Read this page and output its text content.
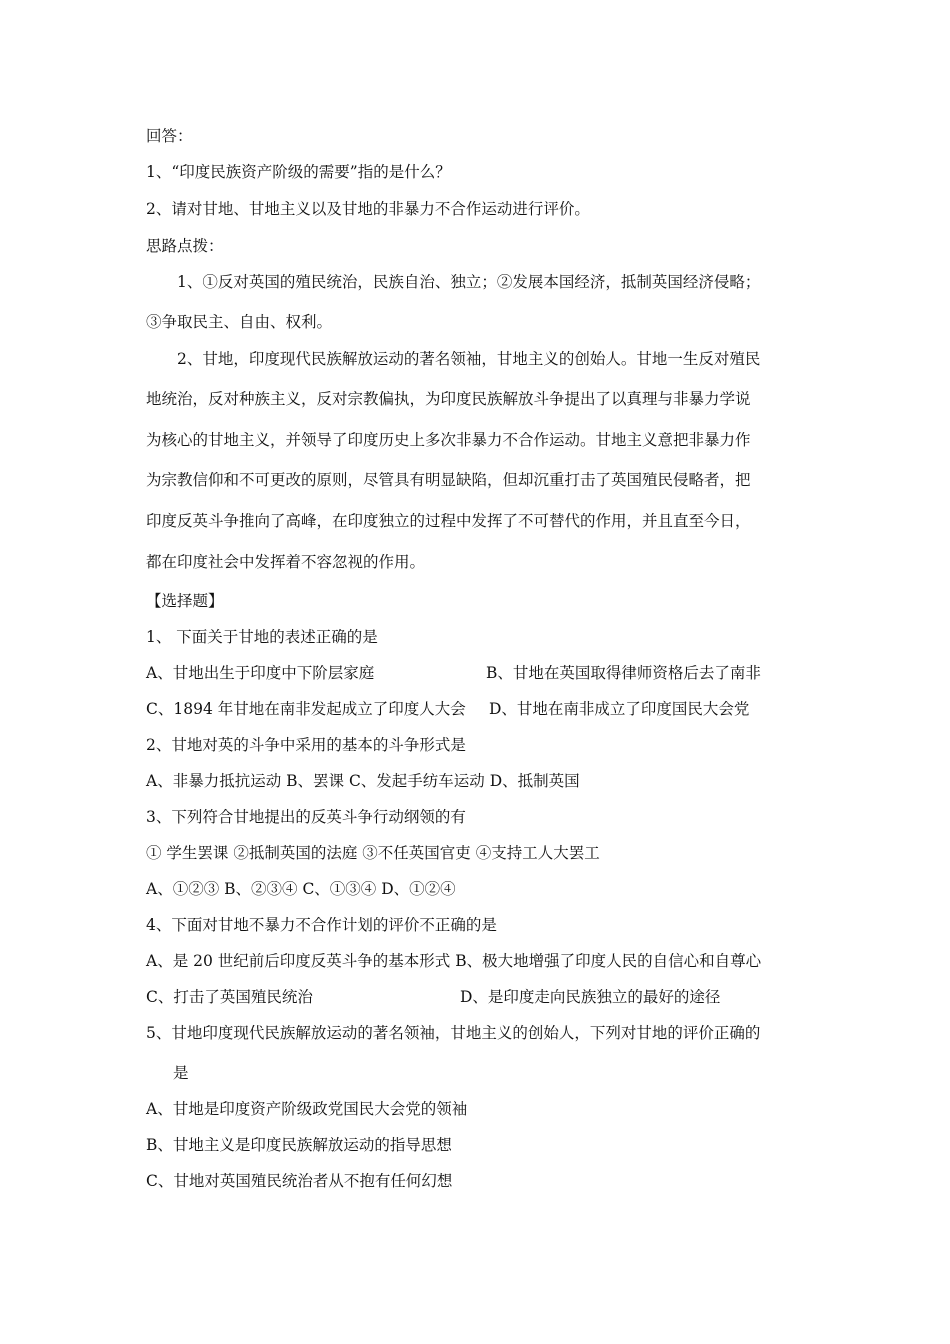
回答：
1、“印度民族资产阶级的需要”指的是什么？
2、请对甘地、甘地主义以及甘地的非暴力不合作运动进行评价。
思路点拨：
1、①反对英国的殖民统治，民族自治、独立；②发展本国经济，抵制英国经济侵略；
③争取民主、自由、权利。
2、甘地，印度现代民族解放运动的著名领袖，甘地主义的创始人。甘地一生反对殖民
地统治，反对种族主义，反对宗教偏执，为印度民族解放斗争提出了以真理与非暴力学说
为核心的甘地主义，并领导了印度历史上多次非暴力不合作运动。甘地主义意把非暴力作
为宗教信仰和不可更改的原则，尽管具有明显缺陷，但却沉重打击了英国殖民侵略者，把
印度反英斗争推向了高峰，在印度独立的过程中发挥了不可替代的作用，并且直至今日，
都在印度社会中发挥着不容忽视的作用。
【选择题】
1、 下面关于甘地的表述正确的是
A、甘地出生于印度中下阶层家庭	B、甘地在英国取得律师资格后去了南非
C、1894 年甘地在南非发起成立了印度人大会 D、甘地在南非成立了印度国民大会党
2、甘地对英的斗争中采用的基本的斗争形式是
A、非暴力抵抗运动 B、罢课 C、发起手纺车运动 D、抵制英国
3、下列符合甘地提出的反英斗争行动纲领的有
① 学生罢课 ②抵制英国的法庭 ③不任英国官吏 ④支持工人大罢工
A、①②③ B、②③④ C、①③④ D、①②④
4、下面对甘地不暴力不合作计划的评价不正确的是
A、是 20 世纪前后印度反英斗争的基本形式 B、极大地增强了印度人民的自信心和自尊心
C、打击了英国殖民统治	D、是印度走向民族独立的最好的途径
5、甘地印度现代民族解放运动的著名领袖，甘地主义的创始人，下列对甘地的评价正确的
是
A、甘地是印度资产阶级政党国民大会党的领袖
B、甘地主义是印度民族解放运动的指导思想
C、甘地对英国殖民统治者从不抱有任何幻想
